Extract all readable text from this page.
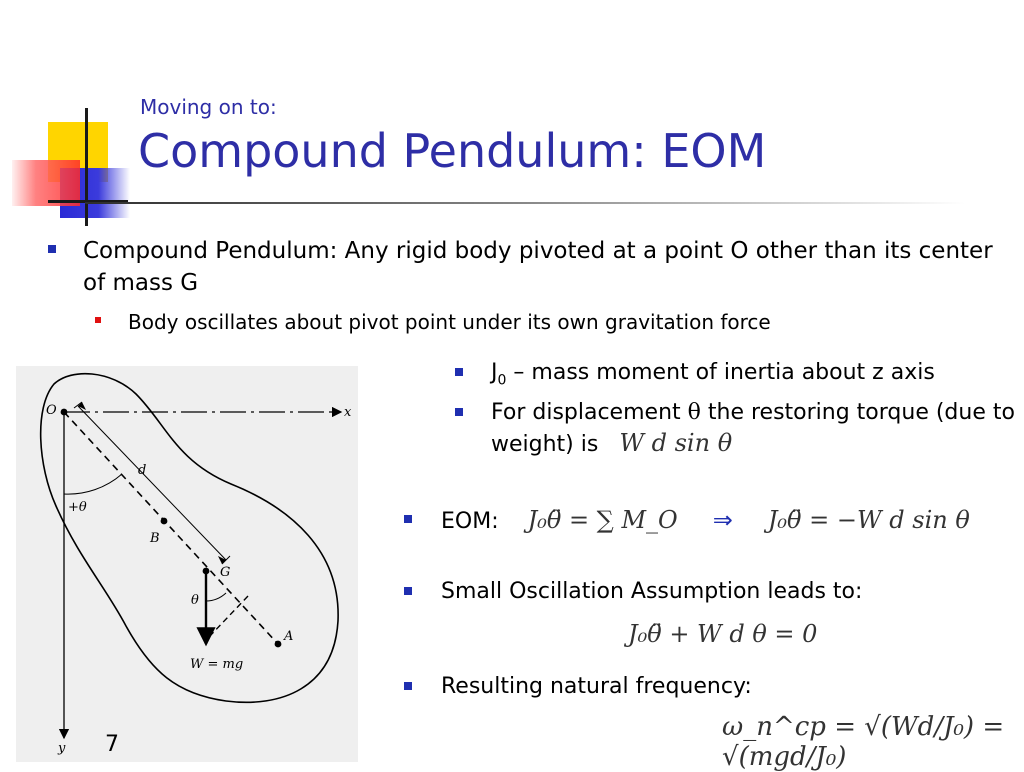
Moving on to:
Compound Pendulum: EOM
Compound Pendulum: Any rigid body pivoted at a point O other than its center of mass G
Body oscillates about pivot point under its own gravitation force
O	x
y
d
B
G
A
+θ
θ
W = mg
7
$J_0$ – mass moment of inertia about z axis
For displacement θ the restoring torque (due to weight) is W d sin θ
EOM: J₀θ̈ = ∑ M_O ⇒ J₀θ̈ = −W d sin θ
Small Oscillation Assumption leads to:
J₀θ̈ + W d θ = 0
Resulting natural frequency:
ω_n^cp = √(Wd/J₀) = √(mgd/J₀)
